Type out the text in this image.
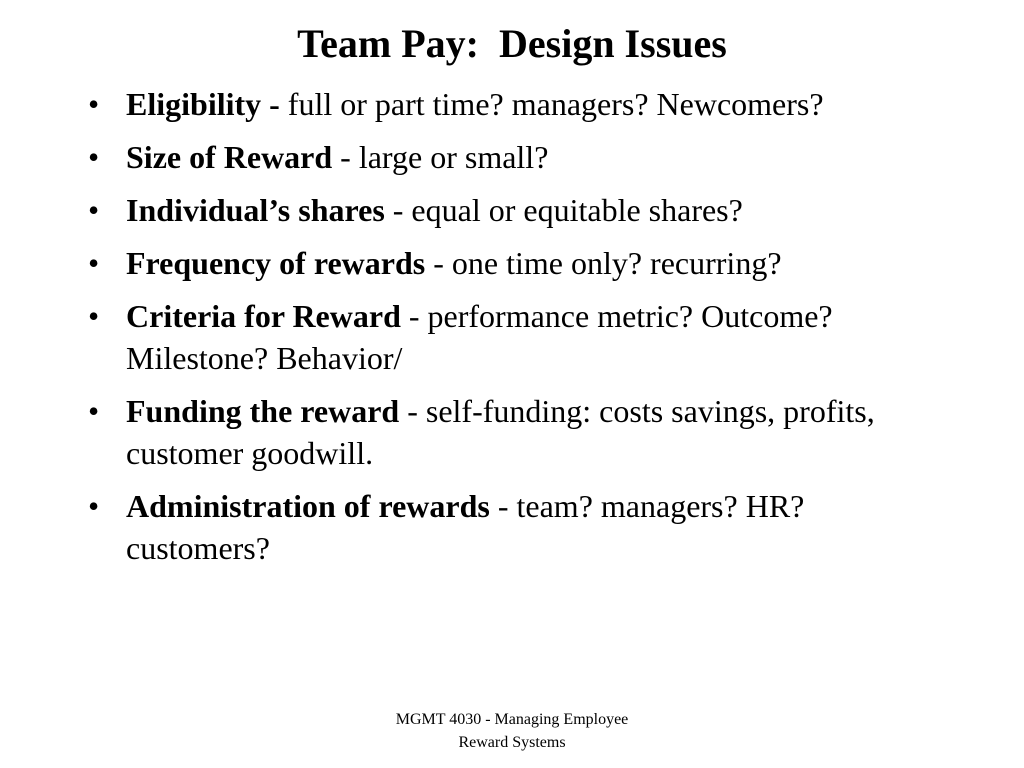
Team Pay:  Design Issues
• Eligibility - full or part time? managers? Newcomers?
• Size of Reward - large or small?
• Individual’s shares - equal or equitable shares?
• Frequency of rewards - one time only? recurring?
• Criteria for Reward - performance metric? Outcome? Milestone? Behavior/
• Funding the reward - self-funding: costs savings, profits, customer goodwill.
• Administration of rewards - team? managers? HR? customers?
MGMT 4030 - Managing Employee
Reward Systems
